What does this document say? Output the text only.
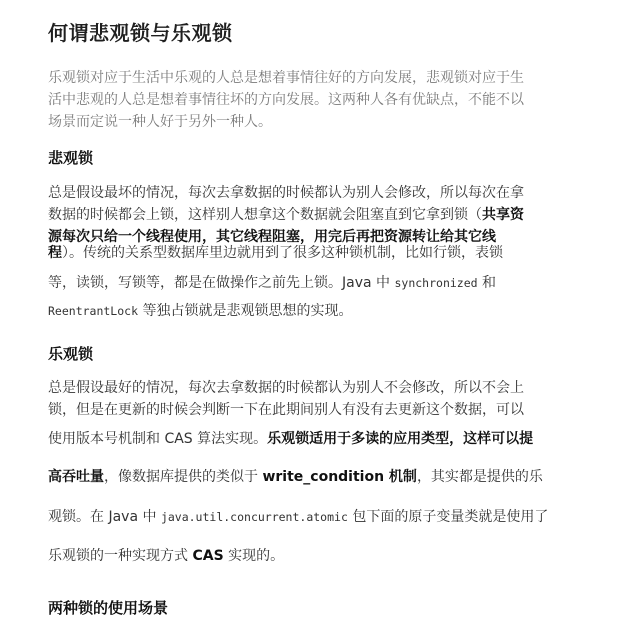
何谓悲观锁与乐观锁
乐观锁对应于生活中乐观的人总是想着事情往好的方向发展，悲观锁对应于生
活中悲观的人总是想着事情往坏的方向发展。这两种人各有优缺点，不能不以
场景而定说一种人好于另外一种人。
悲观锁
总是假设最坏的情况，每次去拿数据的时候都认为别人会修改，所以每次在拿
数据的时候都会上锁，这样别人想拿这个数据就会阻塞直到它拿到锁（共享资
源每次只给一个线程使用，其它线程阻塞，用完后再把资源转让给其它线
程）。传统的关系型数据库里边就用到了很多这种锁机制，比如行锁，表锁
等，读锁，写锁等，都是在做操作之前先上锁。Java 中 synchronized 和
ReentrantLock 等独占锁就是悲观锁思想的实现。
乐观锁
总是假设最好的情况，每次去拿数据的时候都认为别人不会修改，所以不会上
锁，但是在更新的时候会判断一下在此期间别人有没有去更新这个数据，可以
使用版本号机制和 CAS 算法实现。乐观锁适用于多读的应用类型，这样可以提
高吞吐量，像数据库提供的类似于 write_condition 机制，其实都是提供的乐
观锁。在 Java 中 java.util.concurrent.atomic 包下面的原子变量类就是使用了
乐观锁的一种实现方式 CAS 实现的。
两种锁的使用场景
